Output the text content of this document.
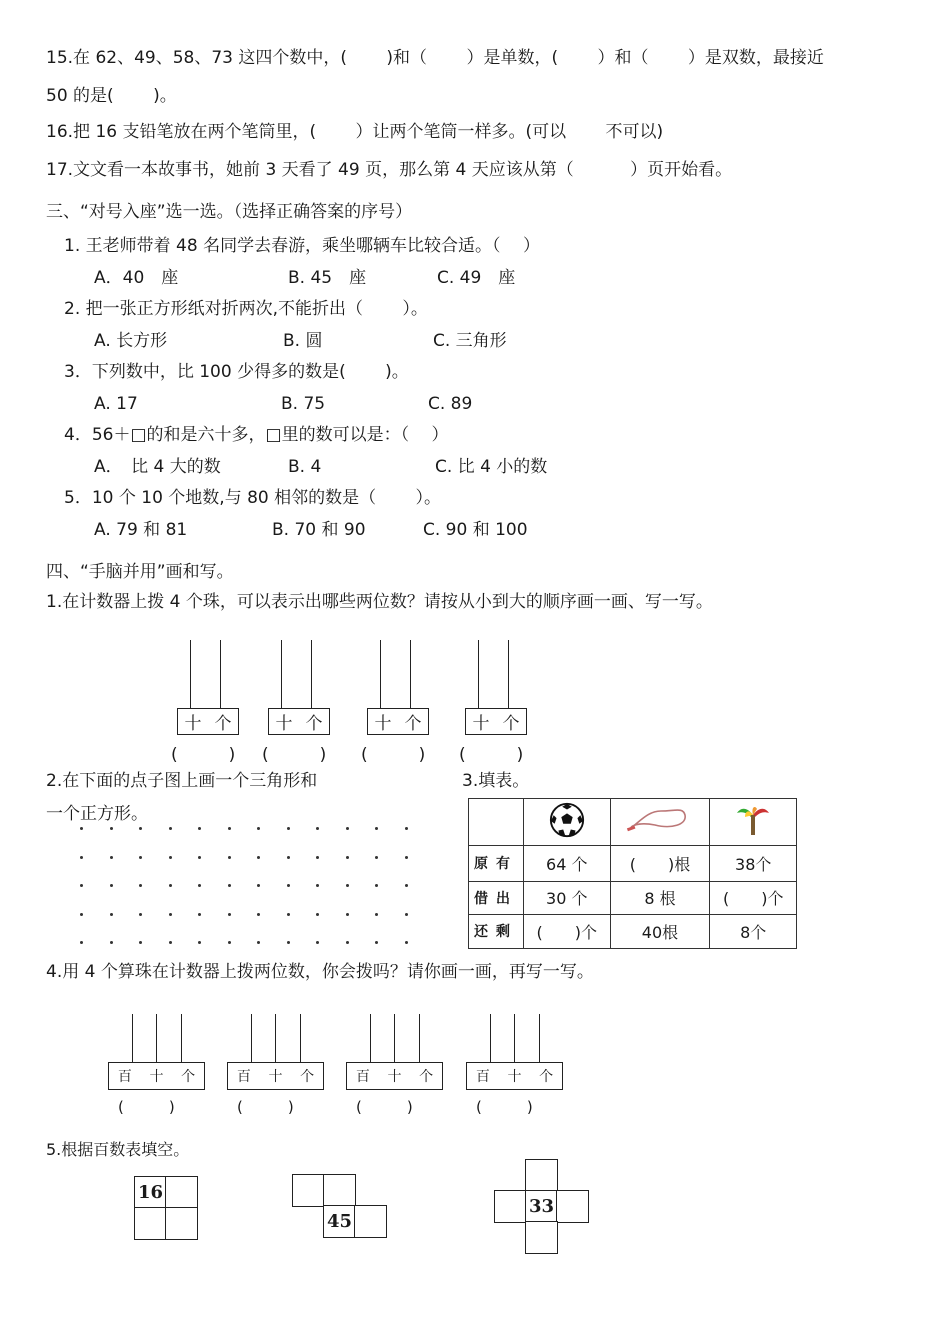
15.在 62、49、58、73 这四个数中，(　　 )和（　　 ）是单数，(　　 ）和（　　 ）是双数，最接近
50 的是(　　 )。
16.把 16 支铅笔放在两个笔筒里，(　　 ）让两个笔筒一样多。(可以　　 不可以)
17.文文看一本故事书，她前 3 天看了 49 页，那么第 4 天应该从第（　　　 ）页开始看。
三、“对号入座”选一选。（选择正确答案的序号）
1. 王老师带着 48 名同学去春游，乘坐哪辆车比较合适。（　 ）
A．40　座	B. 45　座	C. 49　座
2. 把一张正方形纸对折两次,不能折出（　　 ）。
A. 长方形	B. 圆	C. 三角形
3．下列数中，比 100 少得多的数是(　　 )。
A. 17	B. 75	C. 89
4．56＋□的和是六十多，□里的数可以是：（　 ）
A．　比 4 大的数	B. 4	C. 比 4 小的数
5．10 个 10 个地数,与 80 相邻的数是（　　 ）。
A. 79 和 81	B. 70 和 90	C. 90 和 100
四、“手脑并用”画和写。
1.在计数器上拨 4 个珠，可以表示出哪些两位数？请按从小到大的顺序画一画、写一写。
十 个
(　　　)
十 个
(　　　)
十 个
(　　　)
十 个
(　　　)
2.在下面的点子图上画一个三角形和
一个正方形。
3.填表。

原有	64 个	(　　)根	38个
借出	30 个	8 根	(　　)个
还剩	(　　)个	40根	8个
4.用 4 个算珠在计数器上拨两位数，你会拨吗？请你画一画，再写一写。
百 十 个
(　　　)
百 十 个
(　　　)
百 十 个
(　　　)
百 十 个
(　　　)
5.根据百数表填空。
16
45
33
